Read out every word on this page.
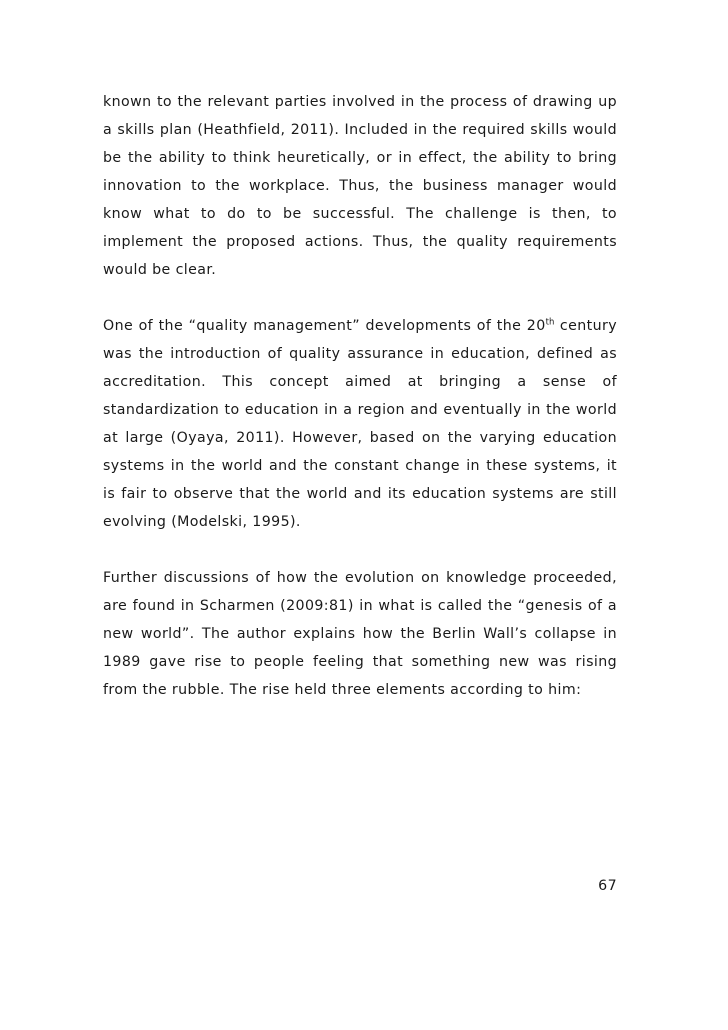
known to the relevant parties involved in the process of drawing up a skills plan (Heathfield, 2011). Included in the required skills would be the ability to think heuretically, or in effect, the ability to bring innovation to the workplace. Thus, the business manager would know what to do to be successful. The challenge is then, to implement the proposed actions. Thus, the quality requirements would be clear.

One of the “quality management” developments of the 20th century was the introduction of quality assurance in education, defined as accreditation. This concept aimed at bringing a sense of standardization to education in a region and eventually in the world at large (Oyaya, 2011). However, based on the varying education systems in the world and the constant change in these systems, it is fair to observe that the world and its education systems are still evolving (Modelski, 1995).

Further discussions of how the evolution on knowledge proceeded, are found in Scharmen (2009:81) in what is called the “genesis of a new world”. The author explains how the Berlin Wall’s collapse in 1989 gave rise to people feeling that something new was rising from the rubble. The rise held three elements according to him:

67
